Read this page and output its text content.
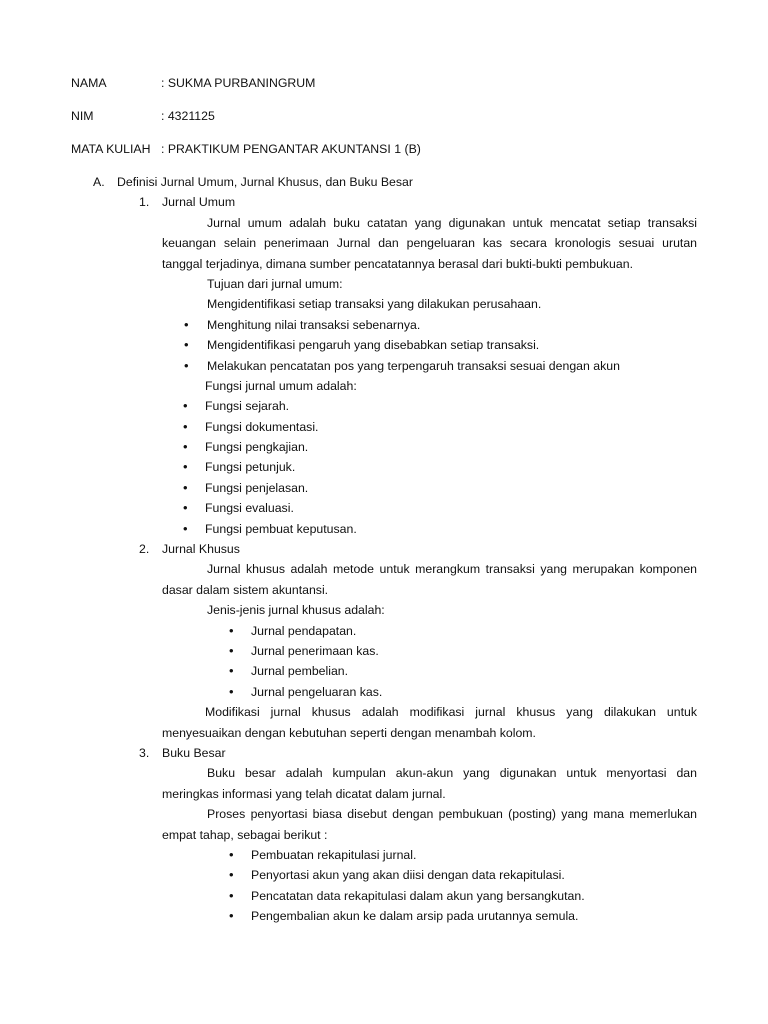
NAMA	: SUKMA PURBANINGRUM
NIM	: 4321125
MATA KULIAH : PRAKTIKUM PENGANTAR AKUNTANSI 1 (B)
A. Definisi Jurnal Umum, Jurnal Khusus, dan Buku Besar
1. Jurnal Umum
Jurnal umum adalah buku catatan yang digunakan untuk mencatat setiap transaksi
keuangan selain penerimaan Jurnal dan pengeluaran kas secara kronologis sesuai urutan
tanggal terjadinya, dimana sumber pencatatannya berasal dari bukti-bukti pembukuan.
Tujuan dari jurnal umum:
Mengidentifikasi setiap transaksi yang dilakukan perusahaan.
• Menghitung nilai transaksi sebenarnya.
• Mengidentifikasi pengaruh yang disebabkan setiap transaksi.
• Melakukan pencatatan pos yang terpengaruh transaksi sesuai dengan akun
Fungsi jurnal umum adalah:
• Fungsi sejarah.
• Fungsi dokumentasi.
• Fungsi pengkajian.
• Fungsi petunjuk.
• Fungsi penjelasan.
• Fungsi evaluasi.
• Fungsi pembuat keputusan.
2. Jurnal Khusus
Jurnal khusus adalah metode untuk merangkum transaksi yang merupakan komponen
dasar dalam sistem akuntansi.
Jenis-jenis jurnal khusus adalah:
• Jurnal pendapatan.
• Jurnal penerimaan kas.
• Jurnal pembelian.
• Jurnal pengeluaran kas.
Modifikasi jurnal khusus adalah modifikasi jurnal khusus yang dilakukan untuk
menyesuaikan dengan kebutuhan seperti dengan menambah kolom.
3. Buku Besar
Buku besar adalah kumpulan akun-akun yang digunakan untuk menyortasi dan
meringkas informasi yang telah dicatat dalam jurnal.
Proses penyortasi biasa disebut dengan pembukuan (posting) yang mana memerlukan
empat tahap, sebagai berikut :
• Pembuatan rekapitulasi jurnal.
• Penyortasi akun yang akan diisi dengan data rekapitulasi.
• Pencatatan data rekapitulasi dalam akun yang bersangkutan.
• Pengembalian akun ke dalam arsip pada urutannya semula.
